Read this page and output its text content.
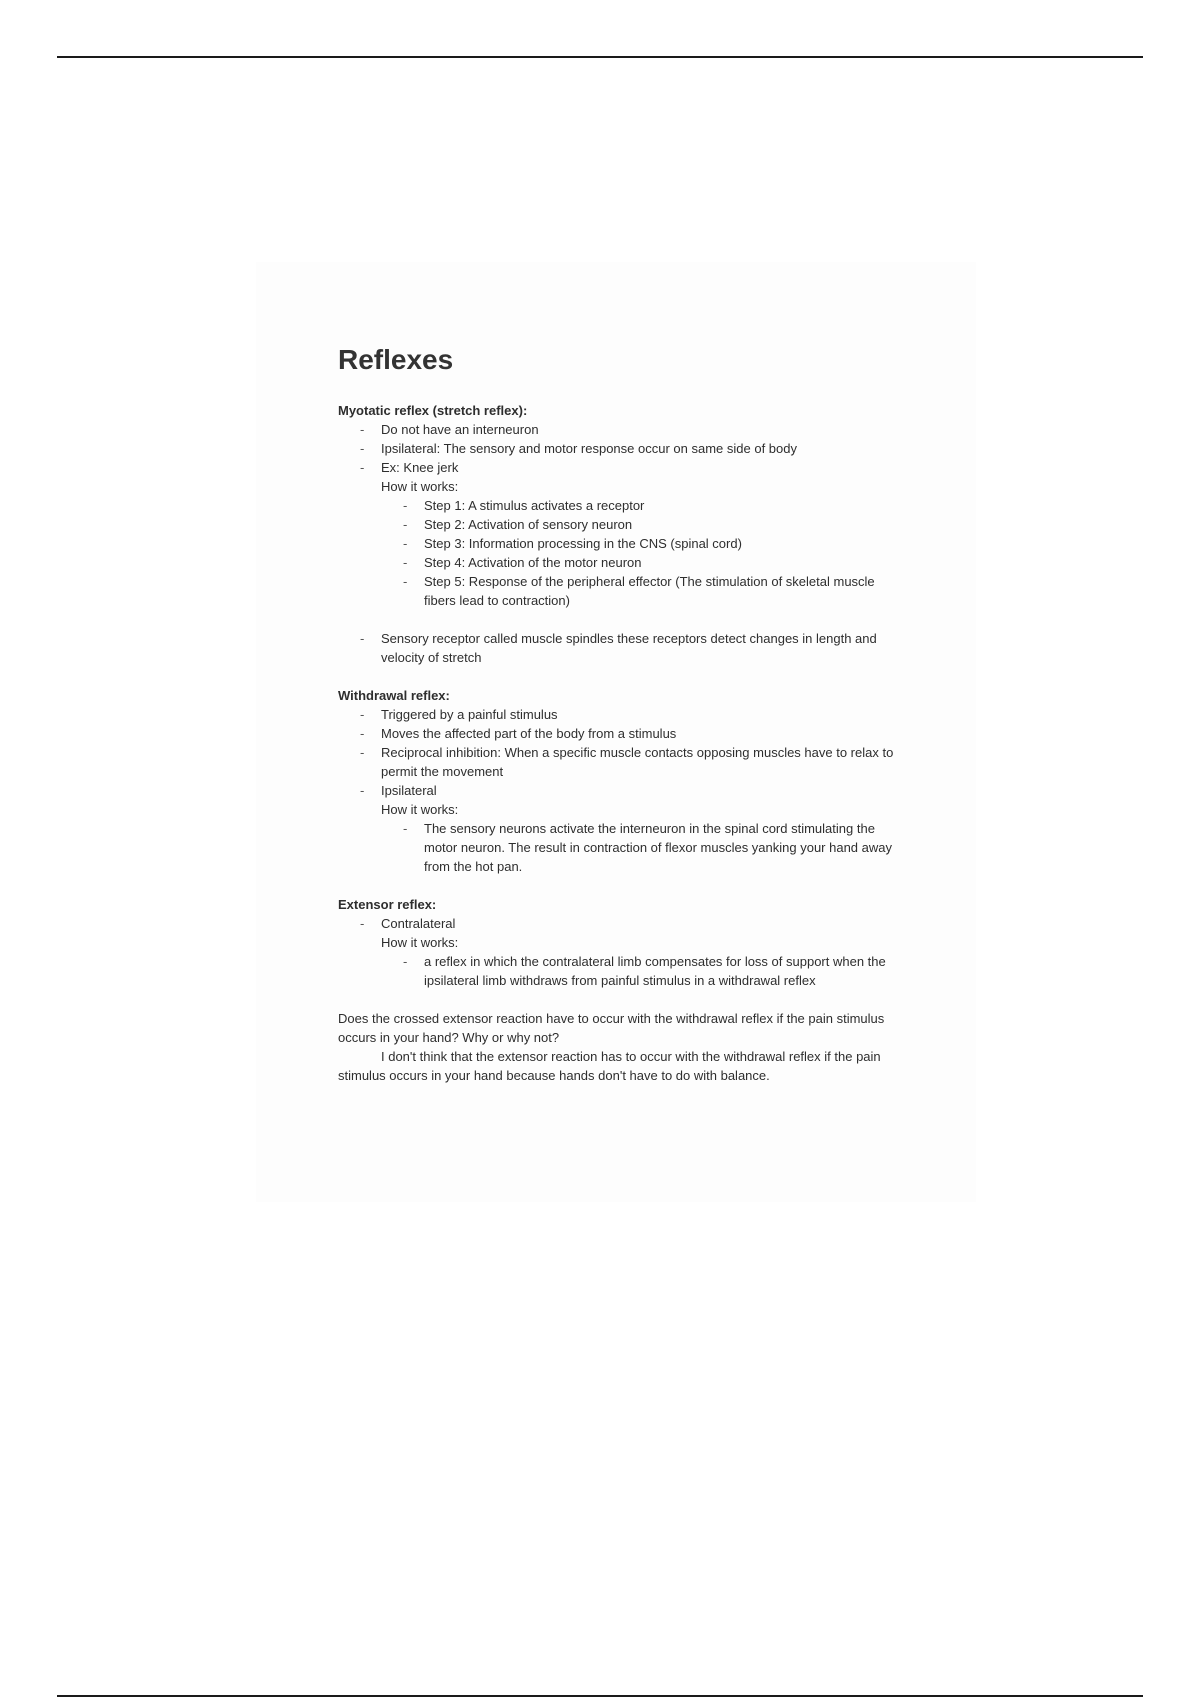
Reflexes

Myotatic reflex (stretch reflex):

- Do not have an interneuron
- Ipsilateral: The sensory and motor response occur on same side of body
- Ex: Knee jerk
How it works:
- Step 1: A stimulus activates a receptor
- Step 2: Activation of sensory neuron
- Step 3: Information processing in the CNS (spinal cord)
- Step 4: Activation of the motor neuron
- Step 5: Response of the peripheral effector (The stimulation of skeletal muscle fibers lead to contraction)
- Sensory receptor called muscle spindles these receptors detect changes in length and velocity of stretch

Withdrawal reflex:

- Triggered by a painful stimulus
- Moves the affected part of the body from a stimulus
- Reciprocal inhibition: When a specific muscle contacts opposing muscles have to relax to permit the movement
- Ipsilateral
How it works:
- The sensory neurons activate the interneuron in the spinal cord stimulating the motor neuron. The result in contraction of flexor muscles yanking your hand away from the hot pan.

Extensor reflex:

- Contralateral
How it works:
- a reflex in which the contralateral limb compensates for loss of support when the ipsilateral limb withdraws from painful stimulus in a withdrawal reflex

Does the crossed extensor reaction have to occur with the withdrawal reflex if the pain stimulus occurs in your hand? Why or why not?

I don't think that the extensor reaction has to occur with the withdrawal reflex if the pain stimulus occurs in your hand because hands don't have to do with balance.
